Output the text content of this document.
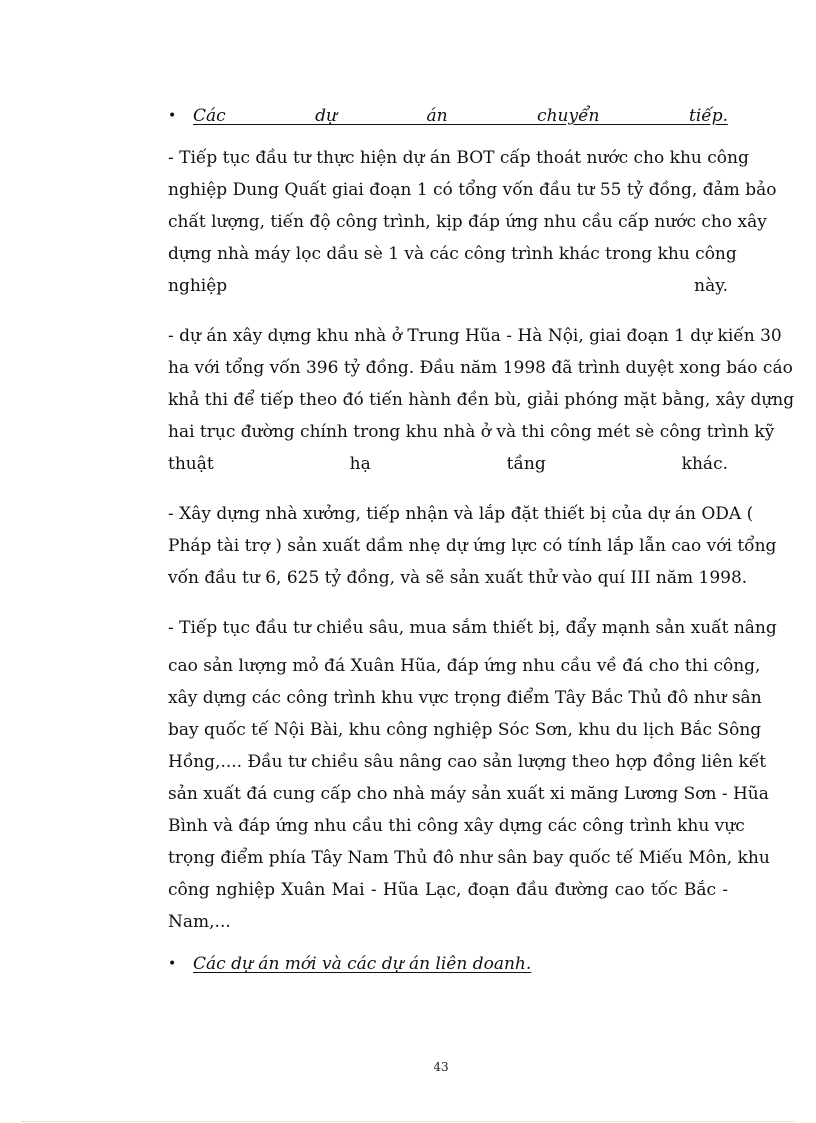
• Các dự án chuyển tiếp.
- Tiếp tục đầu tư thực hiện dự án BOT cấp thoát nước cho khu công
nghiệp Dung Quất giai đoạn 1 có tổng vốn đầu tư 55 tỷ đồng, đảm bảo
chất lượng, tiến độ công trình, kịp đáp ứng nhu cầu cấp nước cho xây
dựng nhà máy lọc dầu sè 1 và các công trình khác trong khu công
nghiệp này.
- dự án xây dựng khu nhà ở Trung Hũa - Hà Nội, giai đoạn 1 dự kiến 30
ha với tổng vốn 396 tỷ đồng. Đầu năm 1998 đã trình duyệt xong báo cáo
khả thi để tiếp theo đó tiến hành đền bù, giải phóng mặt bằng, xây dựng
hai trục đường chính trong khu nhà ở và thi công mét sè công trình kỹ
thuật hạ tầng khác.
- Xây dựng nhà xưởng, tiếp nhận và lắp đặt thiết bị của dự án ODA (
Pháp tài trợ ) sản xuất dầm nhẹ dự ứng lực có tính lắp lẫn cao với tổng
vốn đầu tư 6, 625 tỷ đồng, và sẽ sản xuất thử vào quí III năm 1998.
- Tiếp tục đầu tư chiều sâu, mua sắm thiết bị, đẩy mạnh sản xuất nâng
cao sản lượng mỏ đá Xuân Hũa, đáp ứng nhu cầu về đá cho thi công,
xây dựng các công trình khu vực trọng điểm Tây Bắc Thủ đô như sân
bay quốc tế Nội Bài, khu công nghiệp Sóc Sơn, khu du lịch Bắc Sông
Hồng,.... Đầu tư chiều sâu nâng cao sản lượng theo hợp đồng liên kết
sản xuất đá cung cấp cho nhà máy sản xuất xi măng Lương Sơn - Hũa
Bình và đáp ứng nhu cầu thi công xây dựng các công trình khu vực
trọng điểm phía Tây Nam Thủ đô như sân bay quốc tế Miếu Môn, khu
công nghiệp Xuân Mai - Hũa Lạc, đoạn đầu đường cao tốc Bắc -
Nam,...
• Các dự án mới và các dự án liên doanh.
43
